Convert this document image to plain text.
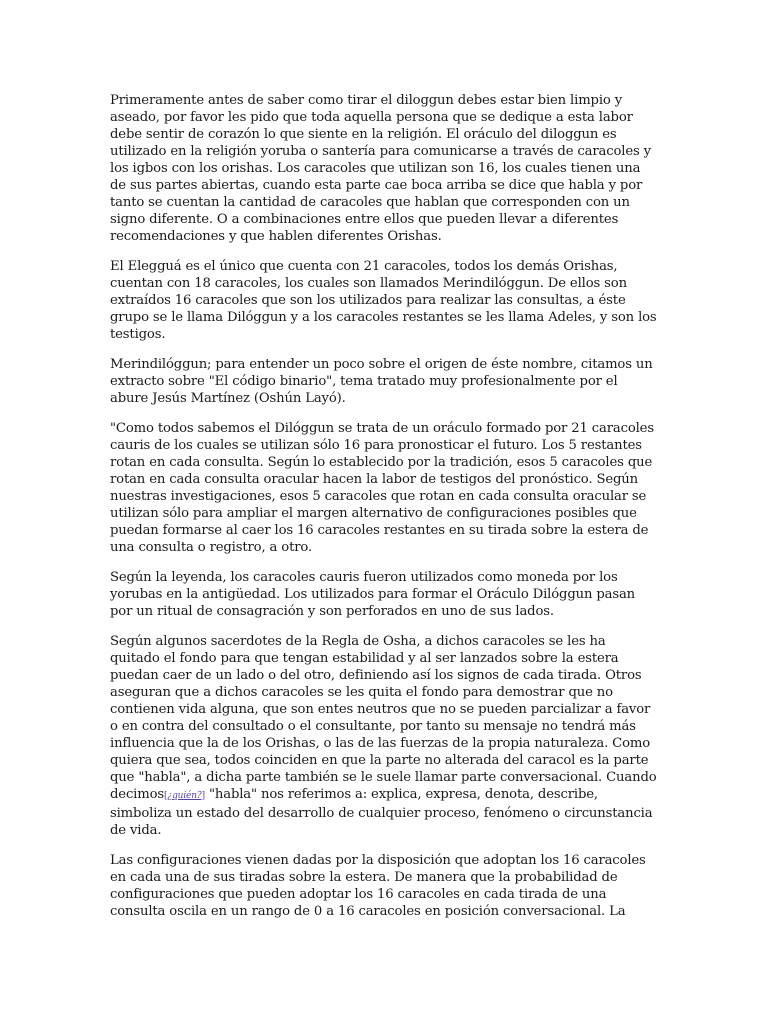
Primeramente antes de saber como tirar el diloggun debes estar bien limpio y aseado, por favor les pido que toda aquella persona que se dedique a esta labor debe sentir de corazón lo que siente en la religión. El oráculo del diloggun es utilizado en la religión yoruba o santería para comunicarse a través de caracoles y los igbos con los orishas. Los caracoles que utilizan son 16, los cuales tienen una de sus partes abiertas, cuando esta parte cae boca arriba se dice que habla y por tanto se cuentan la cantidad de caracoles que hablan que corresponden con un signo diferente. O a combinaciones entre ellos que pueden llevar a diferentes recomendaciones y que hablen diferentes Orishas.

El Elegguá es el único que cuenta con 21 caracoles, todos los demás Orishas, cuentan con 18 caracoles, los cuales son llamados Merindilóggun. De ellos son extraídos 16 caracoles que son los utilizados para realizar las consultas, a éste grupo se le llama Dilóggun y a los caracoles restantes se les llama Adeles, y son los testigos.

Merindilóggun; para entender un poco sobre el origen de éste nombre, citamos un extracto sobre "El código binario", tema tratado muy profesionalmente por el abure Jesús Martínez (Oshún Layó).

"Como todos sabemos el Dilóggun se trata de un oráculo formado por 21 caracoles cauris de los cuales se utilizan sólo 16 para pronosticar el futuro. Los 5 restantes rotan en cada consulta. Según lo establecido por la tradición, esos 5 caracoles que rotan en cada consulta oracular hacen la labor de testigos del pronóstico. Según nuestras investigaciones, esos 5 caracoles que rotan en cada consulta oracular se utilizan sólo para ampliar el margen alternativo de configuraciones posibles que puedan formarse al caer los 16 caracoles restantes en su tirada sobre la estera de una consulta o registro, a otro.

Según la leyenda, los caracoles cauris fueron utilizados como moneda por los yorubas en la antigüedad. Los utilizados para formar el Oráculo Dilóggun pasan por un ritual de consagración y son perforados en uno de sus lados.

Según algunos sacerdotes de la Regla de Osha, a dichos caracoles se les ha quitado el fondo para que tengan estabilidad y al ser lanzados sobre la estera puedan caer de un lado o del otro, definiendo así los signos de cada tirada. Otros aseguran que a dichos caracoles se les quita el fondo para demostrar que no contienen vida alguna, que son entes neutros que no se pueden parcializar a favor o en contra del consultado o el consultante, por tanto su mensaje no tendrá más influencia que la de los Orishas, o las de las fuerzas de la propia naturaleza. Como quiera que sea, todos coinciden en que la parte no alterada del caracol es la parte que "habla", a dicha parte también se le suele llamar parte conversacional. Cuando decimos[¿quién?] "habla" nos referimos a: explica, expresa, denota, describe, simboliza un estado del desarrollo de cualquier proceso, fenómeno o circunstancia de vida.

Las configuraciones vienen dadas por la disposición que adoptan los 16 caracoles en cada una de sus tiradas sobre la estera. De manera que la probabilidad de configuraciones que pueden adoptar los 16 caracoles en cada tirada de una consulta oscila en un rango de 0 a 16 caracoles en posición conversacional. La
